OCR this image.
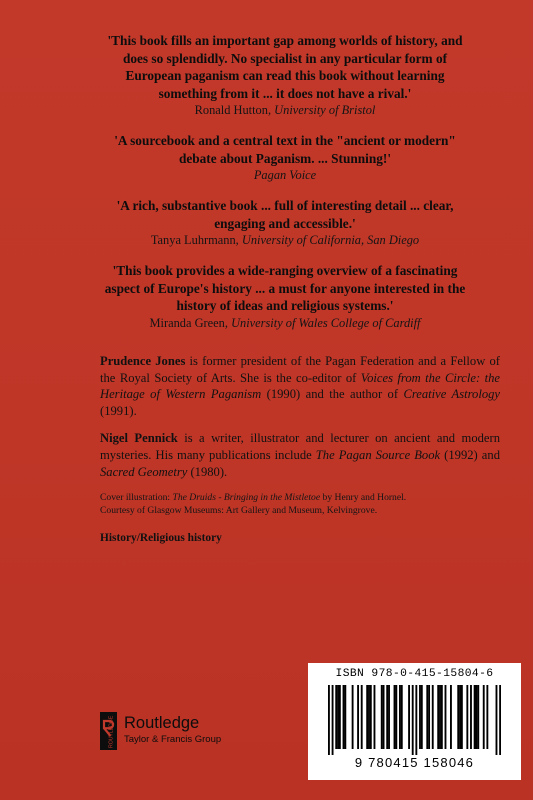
'This book fills an important gap among worlds of history, and does so splendidly. No specialist in any particular form of European paganism can read this book without learning something from it ... it does not have a rival.'

Ronald Hutton, University of Bristol

'A sourcebook and a central text in the "ancient or modern" debate about Paganism. ... Stunning!'

Pagan Voice

'A rich, substantive book ... full of interesting detail ... clear, engaging and accessible.'

Tanya Luhrmann, University of California, San Diego

'This book provides a wide-ranging overview of a fascinating aspect of Europe's history ... a must for anyone interested in the history of ideas and religious systems.'

Miranda Green, University of Wales College of Cardiff

Prudence Jones is former president of the Pagan Federation and a Fellow of the Royal Society of Arts. She is the co-editor of Voices from the Circle: the Heritage of Western Paganism (1990) and the author of Creative Astrology (1991).

Nigel Pennick is a writer, illustrator and lecturer on ancient and modern mysteries. His many publications include The Pagan Source Book (1992) and Sacred Geometry (1980).

Cover illustration: The Druids - Bringing in the Mistletoe by Henry and Hornel.
Courtesy of Glasgow Museums: Art Gallery and Museum, Kelvingrove.

History/Religious history
ROUTLEDGE Routledge
Taylor & Francis Group
ISBN 978-0-415-15804-6
9 780415 158046
